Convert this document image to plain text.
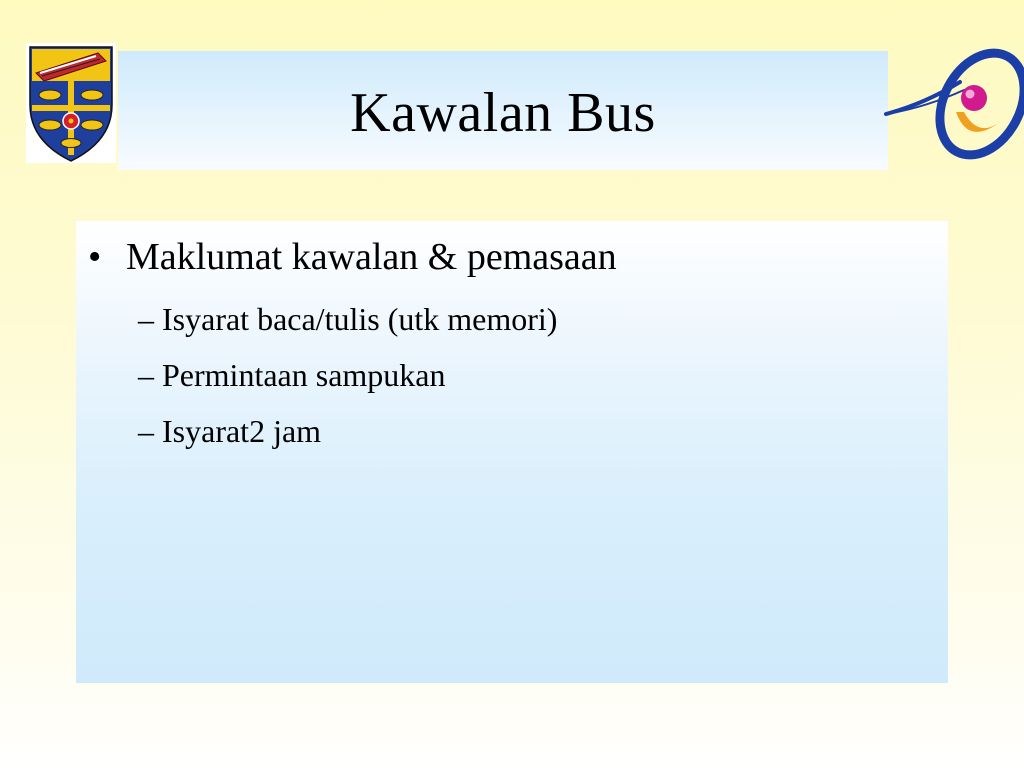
Kawalan Bus
• Maklumat kawalan & pemasaan
– Isyarat baca/tulis (utk memori)
– Permintaan sampukan
– Isyarat2 jam
